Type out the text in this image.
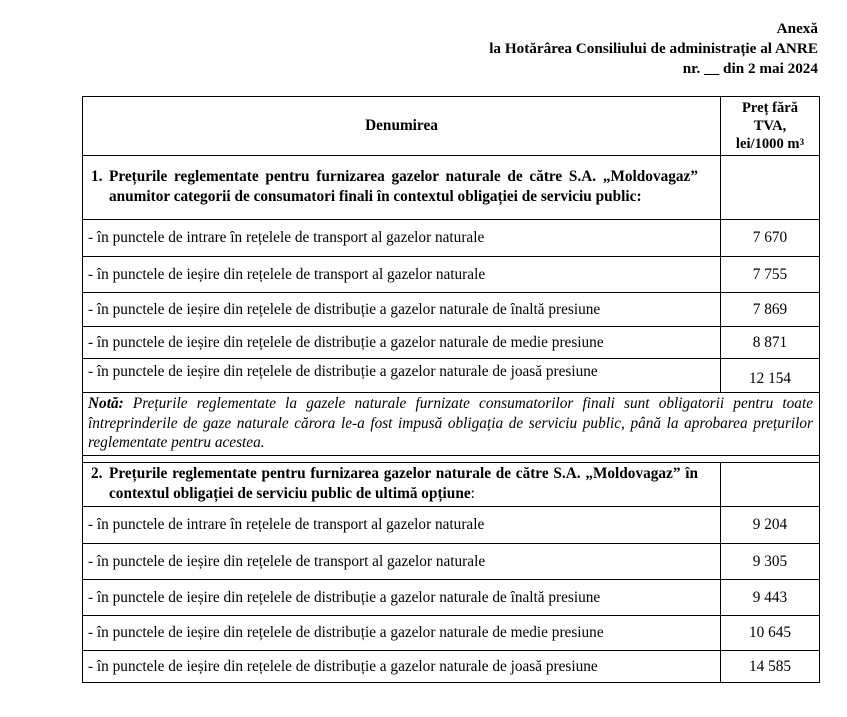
Anexă
la Hotărârea Consiliului de administrație al ANRE
nr. __ din 2 mai 2024
Denumirea	Preț fără
TVA,
lei/1000 $m^3$

1. Prețurile reglementate pentru furnizarea gazelor naturale de către S.A. „Moldovagaz” anumitor categorii de consumatori finali în contextul obligației de serviciu public:	
- în punctele de intrare în rețelele de transport al gazelor naturale	7 670
- în punctele de ieșire din rețelele de transport al gazelor naturale	7 755
- în punctele de ieșire din rețelele de distribuție a gazelor naturale de înaltă presiune	7 869
- în punctele de ieșire din rețelele de distribuție a gazelor naturale de medie presiune	8 871
- în punctele de ieșire din rețelele de distribuție a gazelor naturale de joasă presiune	12 154
Notă: Prețurile reglementate la gazele naturale furnizate consumatorilor finali sunt obligatorii pentru toate întreprinderile de gaze naturale cărora le-a fost impusă obligația de serviciu public, până la aprobarea prețurilor reglementate pentru acestea.	

2. Prețurile reglementate pentru furnizarea gazelor naturale de către S.A. „Moldovagaz” în contextul obligației de serviciu public de ultimă opțiune:	
- în punctele de intrare în rețelele de transport al gazelor naturale	9 204
- în punctele de ieșire din rețelele de transport al gazelor naturale	9 305
- în punctele de ieșire din rețelele de distribuție a gazelor naturale de înaltă presiune	9 443
- în punctele de ieșire din rețelele de distribuție a gazelor naturale de medie presiune	10 645
- în punctele de ieșire din rețelele de distribuție a gazelor naturale de joasă presiune	14 585
